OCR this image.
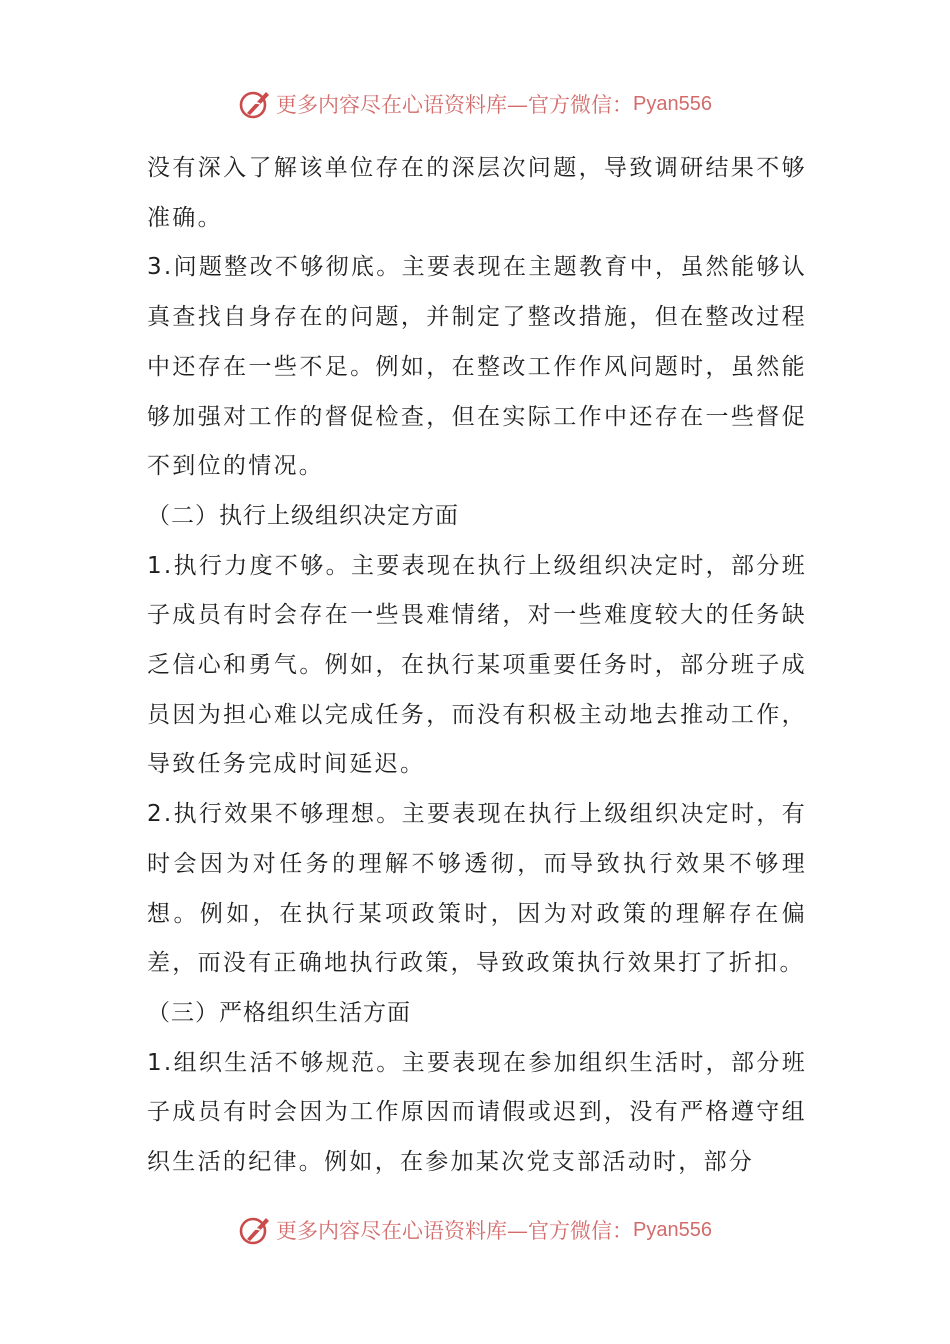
更多内容尽在心语资料库—官方微信： Pyan556

没有深入了解该单位存在的深层次问题，导致调研结果不够准确。

3.问题整改不够彻底。主要表现在主题教育中，虽然能够认真查找自身存在的问题，并制定了整改措施，但在整改过程中还存在一些不足。例如，在整改工作作风问题时，虽然能够加强对工作的督促检查，但在实际工作中还存在一些督促不到位的情况。

（二）执行上级组织决定方面

1.执行力度不够。主要表现在执行上级组织决定时，部分班子成员有时会存在一些畏难情绪，对一些难度较大的任务缺乏信心和勇气。例如，在执行某项重要任务时，部分班子成员因为担心难以完成任务，而没有积极主动地去推动工作，导致任务完成时间延迟。

2.执行效果不够理想。主要表现在执行上级组织决定时，有时会因为对任务的理解不够透彻，而导致执行效果不够理想。例如，在执行某项政策时，因为对政策的理解存在偏差，而没有正确地执行政策，导致政策执行效果打了折扣。

（三）严格组织生活方面

1.组织生活不够规范。主要表现在参加组织生活时，部分班子成员有时会因为工作原因而请假或迟到，没有严格遵守组织生活的纪律。例如，在参加某次党支部活动时，部分

更多内容尽在心语资料库—官方微信： Pyan556
